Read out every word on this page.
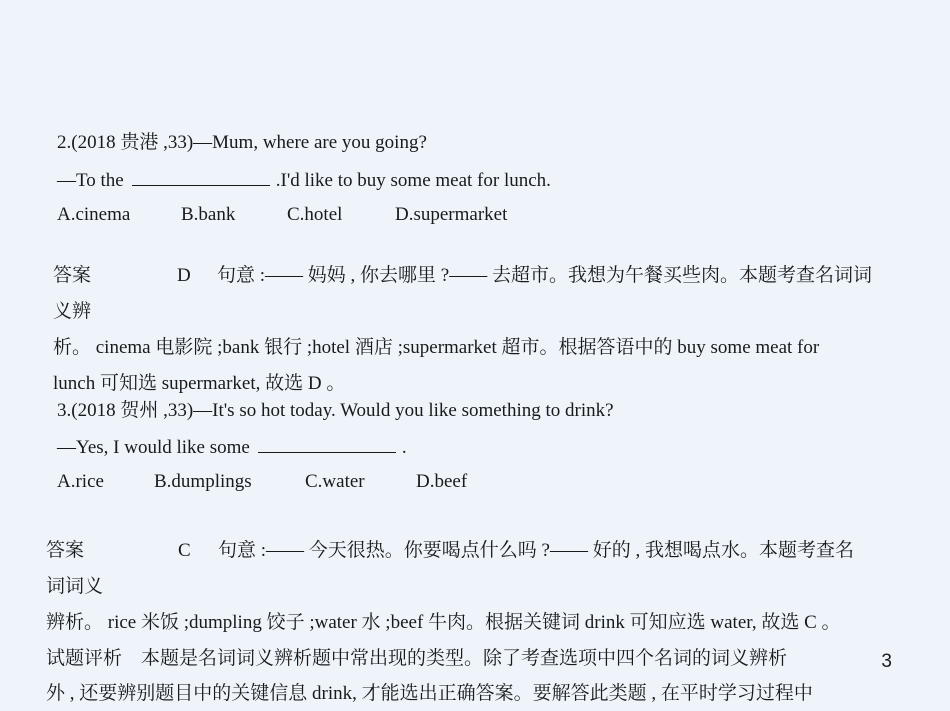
2.(2018 贵港 ,33)—Mum, where are you going?
—To the	.I'd like to buy some meat for lunch.
A.cinema	B.bank	C.hotel	D.supermarket
答案	D 句意 :—— 妈妈 , 你去哪里 ?—— 去超市。我想为午餐买些肉。本题考查名词词
义辨
析。 cinema 电影院 ;bank 银行 ;hotel 酒店 ;supermarket 超市。根据答语中的 buy some meat for
lunch 可知选 supermarket, 故选 D 。
3.(2018 贺州 ,33)—It's so hot today. Would you like something to drink?
—Yes, I would like some	.
A.rice	B.dumplings	C.water	D.beef
答案	C 句意 :—— 今天很热。你要喝点什么吗 ?—— 好的 , 我想喝点水。本题考查名
词词义
辨析。 rice 米饭 ;dumpling 饺子 ;water 水 ;beef 牛肉。根据关键词 drink 可知应选 water, 故选 C 。
试题评析    本题是名词词义辨析题中常出现的类型。除了考查选项中四个名词的词义辨析
外 , 还要辨别题目中的关键信息 drink, 才能选出正确答案。要解答此类题 , 在平时学习过程中
3
